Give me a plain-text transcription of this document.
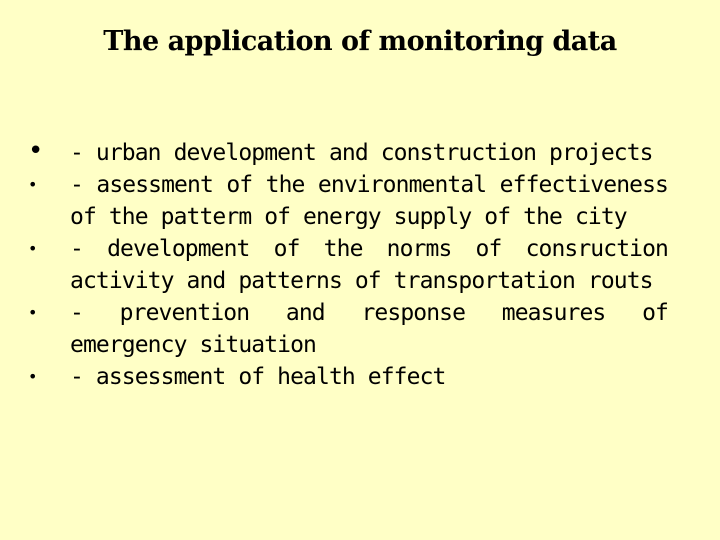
The application of monitoring data
• - urban development and construction projects
•	- asessment of the environmental effectiveness of the patterm of energy supply of the city
•	- development of the norms of consruction activity and patterns of transportation routs
•	- prevention and response measures of emergency situation
•	- assessment of health effect
